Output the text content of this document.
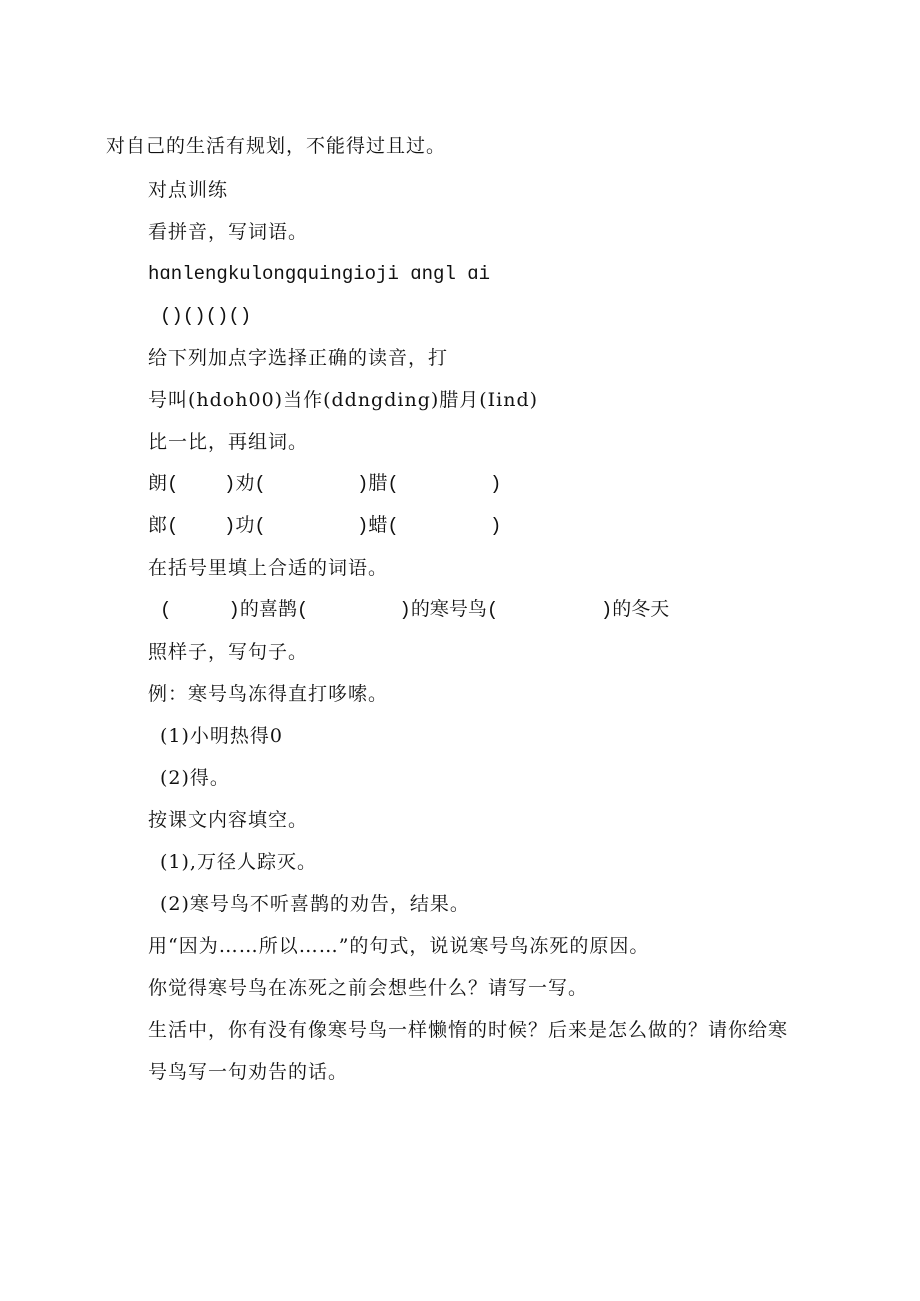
对自己的生活有规划，不能得过且过。
对点训练
看拼音，写词语。
hɑnlengkulongquingioji ɑngl ɑi
()()()()
给下列加点字选择正确的读音，打
号叫(hdoh00)当作(ddngding)腊月(Iind)
比一比，再组词。
朗(    )劝(        )腊(        )
郎(    )功(        )蜡(        )
在括号里填上合适的词语。
(     )的喜鹊(        )的寒号鸟(         )的冬天
照样子，写句子。
例：寒号鸟冻得直打哆嗦。
(1)小明热得0
(2)得。
按课文内容填空。
(1),万径人踪灭。
(2)寒号鸟不听喜鹊的劝告，结果。
用“因为……所以……”的句式，说说寒号鸟冻死的原因。
你觉得寒号鸟在冻死之前会想些什么？请写一写。
生活中，你有没有像寒号鸟一样懒惰的时候？后来是怎么做的？请你给寒
号鸟写一句劝告的话。
